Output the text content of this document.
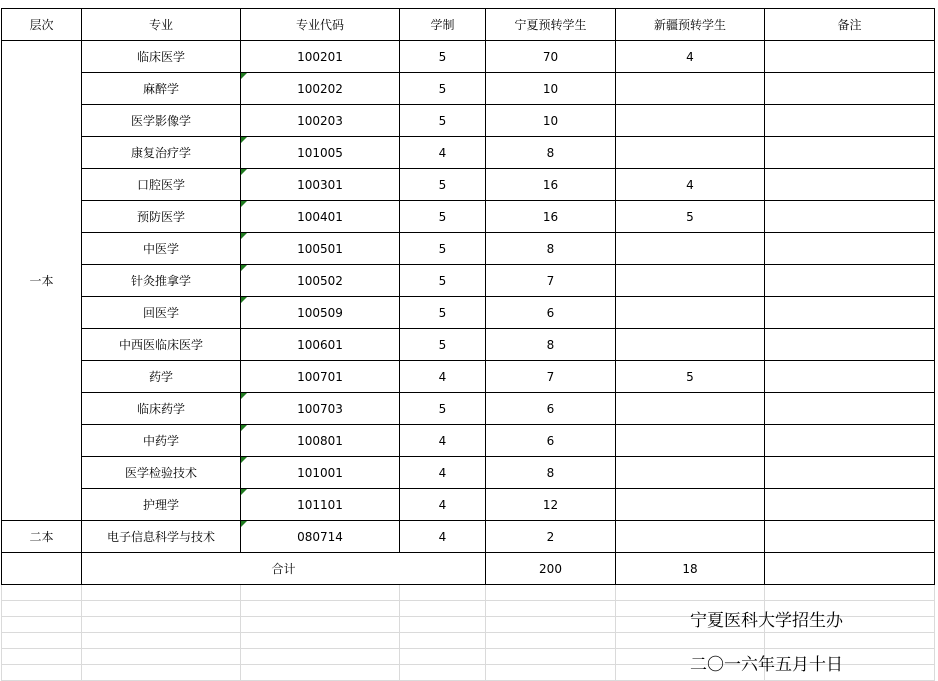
层次	专业	专业代码	学制	宁夏预转学生	新疆预转学生	备注
一本	临床医学	100201	5	70	4	
	麻醉学	100202	5	10		
	医学影像学	100203	5	10		
	康复治疗学	101005	4	8		
	口腔医学	100301	5	16	4	
	预防医学	100401	5	16	5	
	中医学	100501	5	8		
	针灸推拿学	100502	5	7		
	回医学	100509	5	6		
	中西医临床医学	100601	5	8		
	药学	100701	4	7	5	
	临床药学	100703	5	6		
	中药学	100801	4	6		
	医学检验技术	101001	4	8		
	护理学	101101	4	12		
二本	电子信息科学与技术	080714	4	2		
	合计			200	18	

宁夏医科大学招生办
二〇一六年五月十日
